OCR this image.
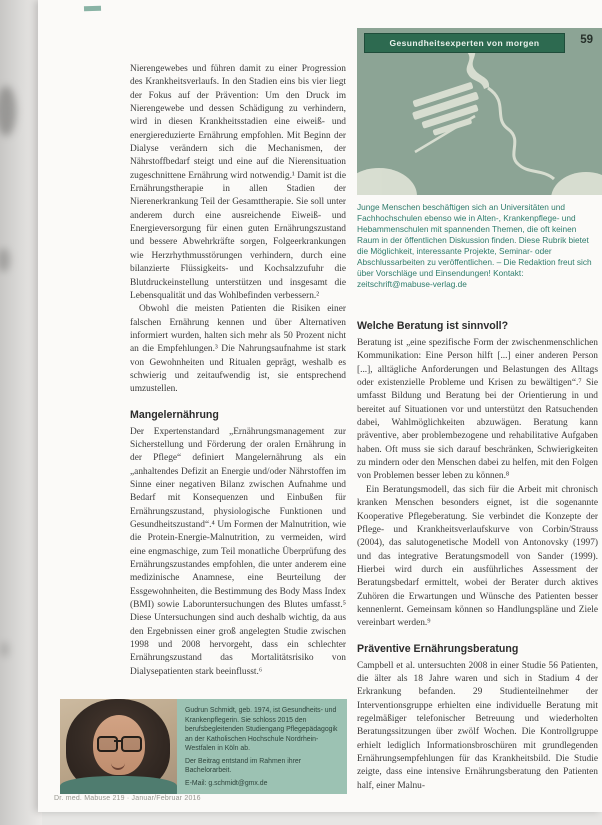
Gesundheitsexperten von morgen	59
Junge Menschen beschäftigen sich an Universitäten und Fachhochschulen ebenso wie in Alten-, Krankenpflege- und Hebammenschulen mit spannenden Themen, die oft keinen Raum in der öffentlichen Diskussion finden. Diese Rubrik bietet die Möglichkeit, interessante Projekte, Seminar- oder Abschlussarbeiten zu veröffentlichen. – Die Redaktion freut sich über Vorschläge und Einsendungen! Kontakt: zeitschrift@mabuse-verlag.de

Nierengewebes und führen damit zu einer Progression des Krankheitsverlaufs. In den Stadien eins bis vier liegt der Fokus auf der Prävention: Um den Druck im Nierengewebe und dessen Schädigung zu verhindern, wird in diesen Krankheitsstadien eine eiweiß- und energiereduzierte Ernährung empfohlen. Mit Beginn der Dialyse verändern sich die Mechanismen, der Nährstoffbedarf steigt und eine auf die Nierensituation zugeschnittene Ernährung wird notwendig.¹ Damit ist die Ernährungstherapie in allen Stadien der Nierenerkrankung Teil der Gesamttherapie. Sie soll unter anderem durch eine ausreichende Eiweiß- und Energieversorgung für einen guten Ernährungszustand und bessere Abwehrkräfte sorgen, Folgeerkrankungen wie Herzrhythmusstörungen verhindern, durch eine bilanzierte Flüssigkeits- und Kochsalzzufuhr die Blutdruckeinstellung unterstützen und insgesamt die Lebensqualität und das Wohlbefinden verbessern.²

Obwohl die meisten Patienten die Risiken einer falschen Ernährung kennen und über Alternativen informiert wurden, halten sich mehr als 50 Prozent nicht an die Empfehlungen.³ Die Nahrungsaufnahme ist stark von Gewohnheiten und Ritualen geprägt, weshalb es schwierig und zeitaufwendig ist, sie entsprechend umzustellen.

Mangelernährung

Der Expertenstandard „Ernährungsmanagement zur Sicherstellung und Förderung der oralen Ernährung in der Pflege“ definiert Mangelernährung als ein „anhaltendes Defizit an Energie und/oder Nährstoffen im Sinne einer negativen Bilanz zwischen Aufnahme und Bedarf mit Konsequenzen und Einbußen für Ernährungszustand, physiologische Funktionen und Gesundheitszustand“.⁴ Um Formen der Malnutrition, wie die Protein-Energie-Malnutrition, zu vermeiden, wird eine engmaschige, zum Teil monatliche Überprüfung des Ernährungszustandes empfohlen, die unter anderem eine medizinische Anamnese, eine Beurteilung der Essgewohnheiten, die Bestimmung des Body Mass Index (BMI) sowie Laboruntersuchungen des Blutes umfasst.⁵ Diese Untersuchungen sind auch deshalb wichtig, da aus den Ergebnissen einer groß angelegten Studie zwischen 1998 und 2008 hervorgeht, dass ein schlechter Ernährungszustand das Mortalitätsrisiko von Dialysepatienten stark beeinflusst.⁶

Welche Beratung ist sinnvoll?

Beratung ist „eine spezifische Form der zwischenmenschlichen Kommunikation: Eine Person hilft [...] einer anderen Person [...], alltägliche Anforderungen und Belastungen des Alltags oder existenzielle Probleme und Krisen zu bewältigen“.⁷ Sie umfasst Bildung und Beratung bei der Orientierung in und bereitet auf Situationen vor und unterstützt den Ratsuchenden dabei, Wahlmöglichkeiten abzuwägen. Beratung kann präventive, aber problembezogene und rehabilitative Aufgaben haben. Oft muss sie sich darauf beschränken, Schwierigkeiten zu mindern oder den Menschen dabei zu helfen, mit den Folgen von Problemen besser leben zu können.⁸

Ein Beratungsmodell, das sich für die Arbeit mit chronisch kranken Menschen besonders eignet, ist die sogenannte Kooperative Pflegeberatung. Sie verbindet die Konzepte der Pflege- und Krankheitsverlaufskurve von Corbin/Strauss (2004), das salutogenetische Modell von Antonovsky (1997) und das integrative Beratungsmodell von Sander (1999). Hierbei wird durch ein ausführliches Assessment der Beratungsbedarf ermittelt, wobei der Berater durch aktives Zuhören die Erwartungen und Wünsche des Patienten besser kennenlernt. Gemeinsam können so Handlungspläne und Ziele vereinbart werden.⁹

Präventive Ernährungsberatung

Campbell et al. untersuchten 2008 in einer Studie 56 Patienten, die älter als 18 Jahre waren und sich in Stadium 4 der Erkrankung befanden. 29 Studienteilnehmer der Interventionsgruppe erhielten eine individuelle Beratung mit regelmäßiger telefonischer Betreuung und wiederholten Beratungssitzungen über zwölf Wochen. Die Kontrollgruppe erhielt lediglich Informationsbroschüren mit grundlegenden Ernährungsempfehlungen für das Krankheitsbild. Die Studie zeigte, dass eine intensive Ernährungsberatung den Patienten half, einer Malnu-

Gudrun Schmidt, geb. 1974, ist Gesundheits- und Krankenpflegerin. Sie schloss 2015 den berufsbegleitenden Studiengang Pflegepädagogik an der Katholischen Hochschule Nordrhein-Westfalen in Köln ab.

Der Beitrag entstand im Rahmen ihrer Bachelorarbeit.

E-Mail: g.schmidt@gmx.de

Dr. med. Mabuse 219 · Januar/Februar 2016
